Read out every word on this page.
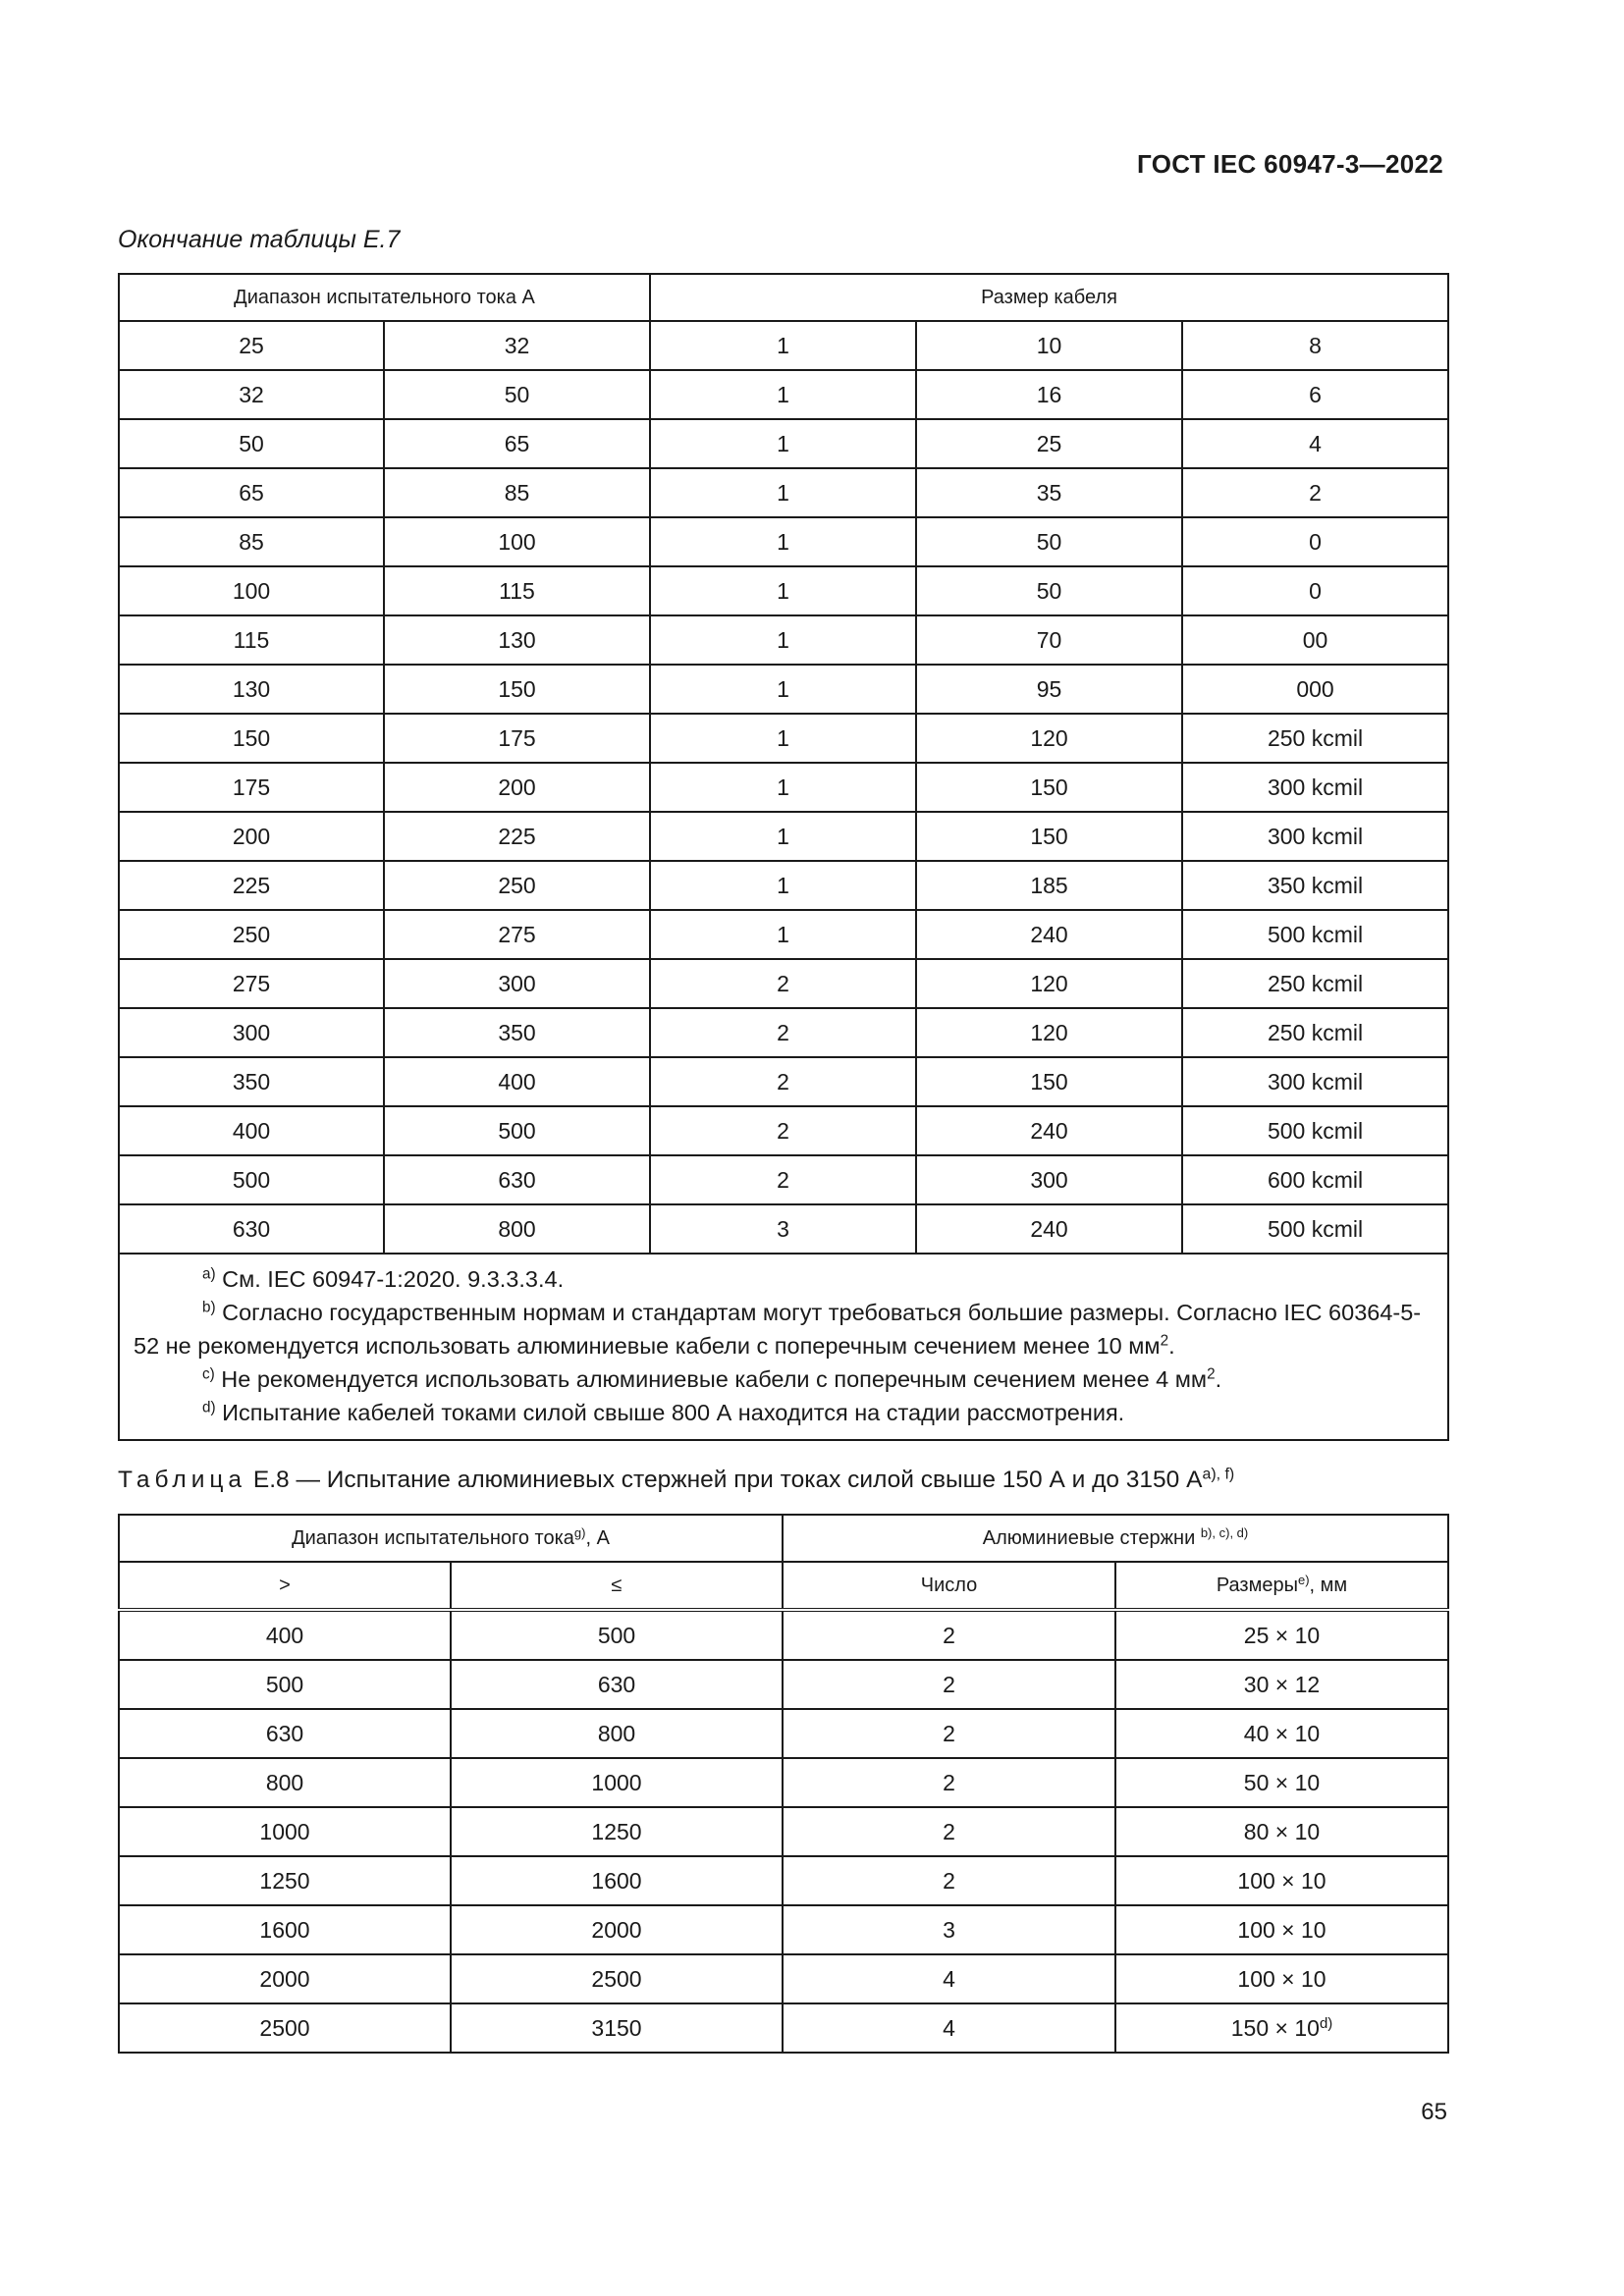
ГОСТ IEC 60947-3—2022
Окончание таблицы Е.7
Диапазон испытательного тока А		Размер кабеля		
25	32	1	10	8
32	50	1	16	6
50	65	1	25	4
65	85	1	35	2
85	100	1	50	0
100	115	1	50	0
115	130	1	70	00
130	150	1	95	000
150	175	1	120	250 kcmil
175	200	1	150	300 kcmil
200	225	1	150	300 kcmil
225	250	1	185	350 kcmil
250	275	1	240	500 kcmil
275	300	2	120	250 kcmil
300	350	2	120	250 kcmil
350	400	2	150	300 kcmil
400	500	2	240	500 kcmil
500	630	2	300	600 kcmil
630	800	3	240	500 kcmil

$^{a)}$ См. IEC 60947-1:2020. 9.3.3.3.4.
$^{b)}$ Согласно государственным нормам и стандартам могут требоваться большие размеры. Согласно IEC 60364-5-52 не рекомендуется использовать алюминиевые кабели с поперечным сечением менее 10 $мм^2$.
$^{c)}$ Не рекомендуется использовать алюминиевые кабели с поперечным сечением менее 4 $мм^2$.
$^{d)}$ Испытание кабелей токами силой свыше 800 А находится на стадии рассмотрения.				
Таблица Е.8 — Испытание алюминиевых стержней при токах силой свыше 150 А и до 3150 $А^{a), f)}$
Диапазон испытательного тока$^{g)}$, А		Алюминиевые стержни $^{b), c), d)}$
>	≤	Число	Размеры$^{e)}$, мм
400	500	2	25 × 10
500	630	2	30 × 12
630	800	2	40 × 10
800	1000	2	50 × 10
1000	1250	2	80 × 10
1250	1600	2	100 × 10
1600	2000	3	100 × 10
2000	2500	4	100 × 10
2500	3150	4	$150 \times 10^{d)}$
65
